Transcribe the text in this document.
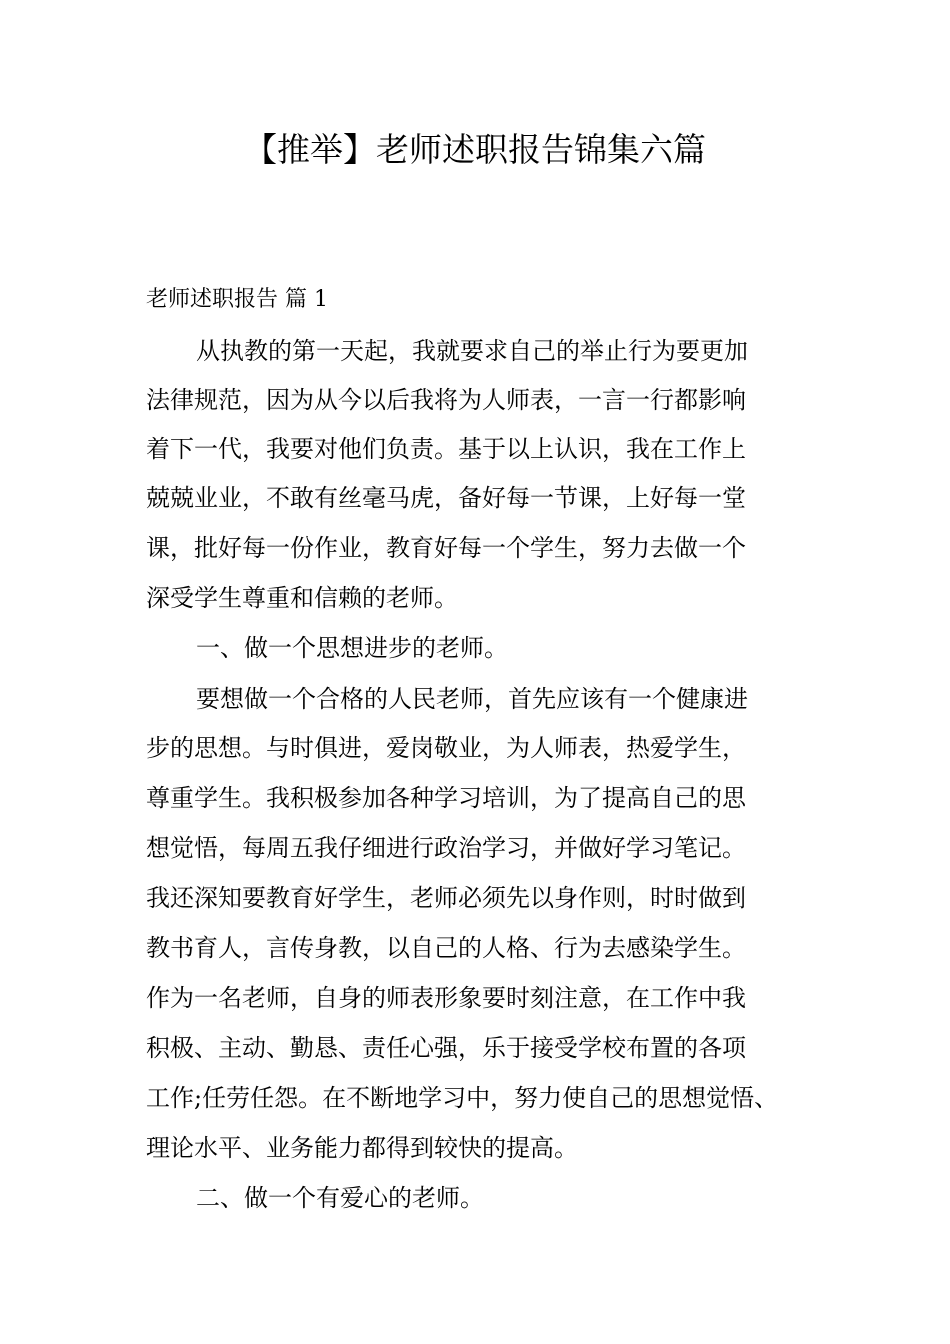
【推举】老师述职报告锦集六篇

老师述职报告 篇 1

从执教的第一天起，我就要求自己的举止行为要更加

法律规范，因为从今以后我将为人师表，一言一行都影响

着下一代，我要对他们负责。基于以上认识，我在工作上

兢兢业业，不敢有丝毫马虎，备好每一节课，上好每一堂

课，批好每一份作业，教育好每一个学生，努力去做一个

深受学生尊重和信赖的老师。

一、做一个思想进步的老师。

要想做一个合格的人民老师，首先应该有一个健康进

步的思想。与时俱进，爱岗敬业，为人师表，热爱学生，

尊重学生。我积极参加各种学习培训，为了提高自己的思

想觉悟，每周五我仔细进行政治学习，并做好学习笔记。

我还深知要教育好学生，老师必须先以身作则，时时做到

教书育人，言传身教，以自己的人格、行为去感染学生。

作为一名老师，自身的师表形象要时刻注意，在工作中我

积极、主动、勤恳、责任心强，乐于接受学校布置的各项

工作;任劳任怨。在不断地学习中，努力使自己的思想觉悟、

理论水平、业务能力都得到较快的提高。

二、做一个有爱心的老师。
